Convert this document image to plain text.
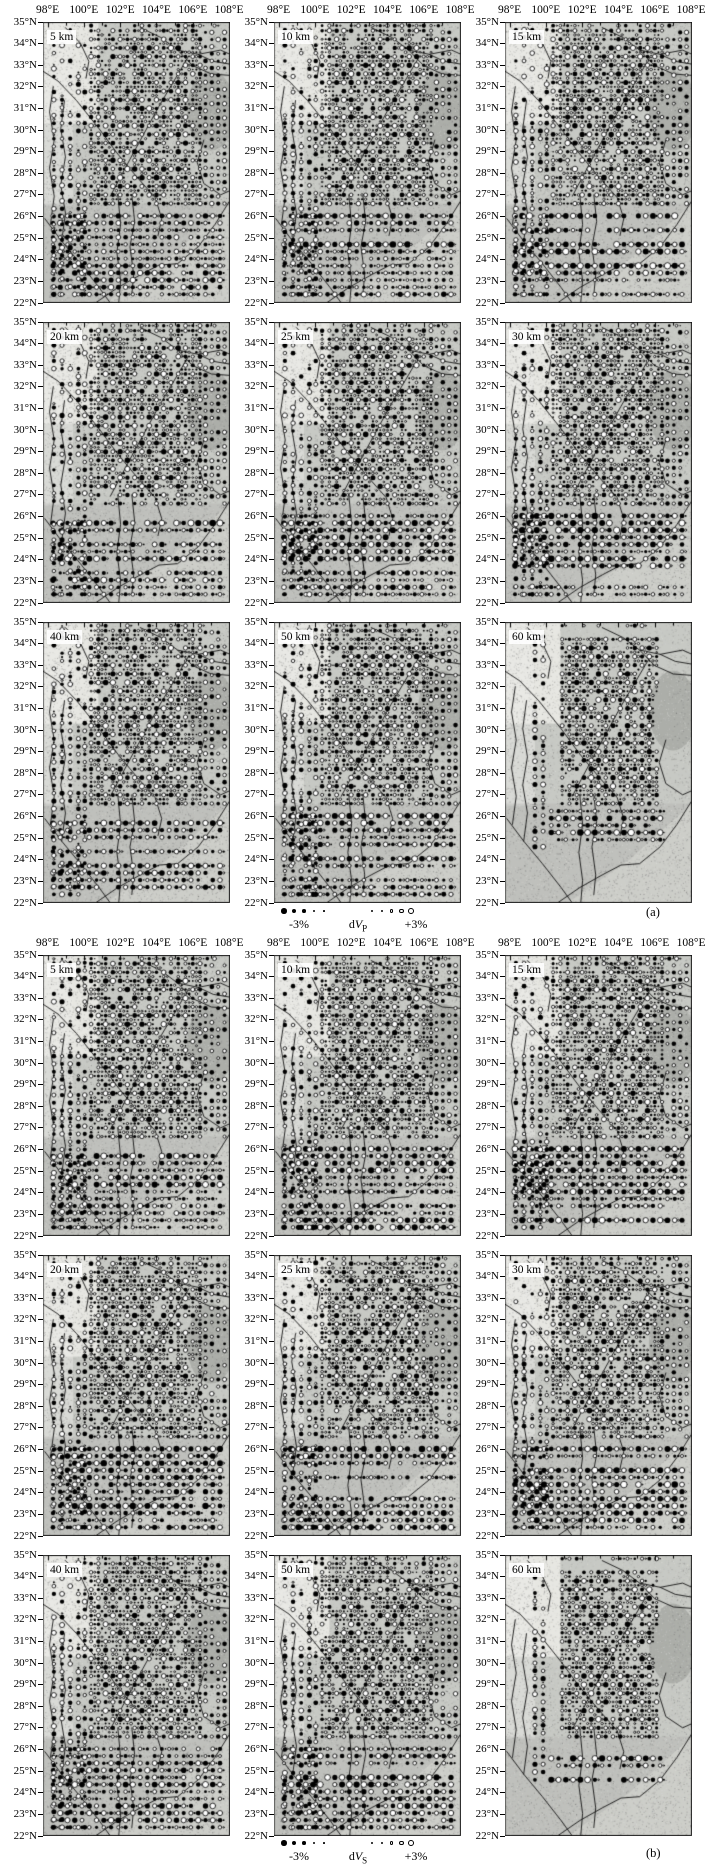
98°E 100°E 102°E 104°E 106°E 108°E	98°E 100°E 102°E 104°E 106°E 108°E	98°E 100°E 102°E 104°E 106°E 108°E
5 km
35°N
34°N
33°N
32°N
31°N
30°N
29°N
28°N
27°N
26°N
25°N
24°N
23°N
22°N
10 km
35°N
34°N
33°N
32°N
31°N
30°N
29°N
28°N
27°N
26°N
25°N
24°N
23°N
22°N
15 km
35°N
34°N
33°N
32°N
31°N
30°N
29°N
28°N
27°N
26°N
25°N
24°N
23°N
22°N
20 km
35°N
34°N
33°N
32°N
31°N
30°N
29°N
28°N
27°N
26°N
25°N
24°N
23°N
22°N
25 km
35°N
34°N
33°N
32°N
31°N
30°N
29°N
28°N
27°N
26°N
25°N
24°N
23°N
22°N
30 km
35°N
34°N
33°N
32°N
31°N
30°N
29°N
28°N
27°N
26°N
25°N
24°N
23°N
22°N
40 km
35°N
34°N
33°N
32°N
31°N
30°N
29°N
28°N
27°N
26°N
25°N
24°N
23°N
22°N
50 km
35°N
34°N
33°N
32°N
31°N
30°N
29°N
28°N
27°N
26°N
25°N
24°N
23°N
22°N
60 km
35°N
34°N
33°N
32°N
31°N
30°N
29°N
28°N
27°N
26°N
25°N
24°N
23°N
22°N
-3%	$dV_P$	+3%
(a)
98°E 100°E 102°E 104°E 106°E 108°E	98°E 100°E 102°E 104°E 106°E 108°E	98°E 100°E 102°E 104°E 106°E 108°E
5 km
35°N
34°N
33°N
32°N
31°N
30°N
29°N
28°N
27°N
26°N
25°N
24°N
23°N
22°N
10 km
35°N
34°N
33°N
32°N
31°N
30°N
29°N
28°N
27°N
26°N
25°N
24°N
23°N
22°N
15 km
35°N
34°N
33°N
32°N
31°N
30°N
29°N
28°N
27°N
26°N
25°N
24°N
23°N
22°N
20 km
35°N
34°N
33°N
32°N
31°N
30°N
29°N
28°N
27°N
26°N
25°N
24°N
23°N
22°N
25 km
35°N
34°N
33°N
32°N
31°N
30°N
29°N
28°N
27°N
26°N
25°N
24°N
23°N
22°N
30 km
35°N
34°N
33°N
32°N
31°N
30°N
29°N
28°N
27°N
26°N
25°N
24°N
23°N
22°N
40 km
35°N
34°N
33°N
32°N
31°N
30°N
29°N
28°N
27°N
26°N
25°N
24°N
23°N
22°N
50 km
35°N
34°N
33°N
32°N
31°N
30°N
29°N
28°N
27°N
26°N
25°N
24°N
23°N
22°N
60 km
35°N
34°N
33°N
32°N
31°N
30°N
29°N
28°N
27°N
26°N
25°N
24°N
23°N
22°N
-3%	$dV_S$	+3%	(b)
